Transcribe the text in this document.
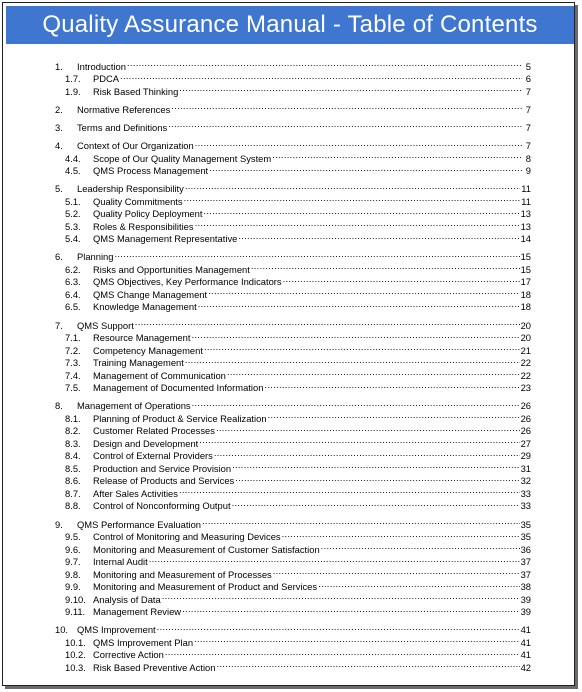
Quality Assurance Manual - Table of Contents
1.	Introduction .....	5
1.7.	PDCA .....	6
1.9.	Risk Based Thinking .....	7
2.	Normative References .....	7
3.	Terms and Definitions .....	7
4.	Context of Our Organization .....	7
4.4.	Scope of Our Quality Management System .....	8
4.5.	QMS Process Management .....	9
5.	Leadership Responsibility .....	11
5.1.	Quality Commitments .....	11
5.2.	Quality Policy Deployment .....	13
5.3.	Roles & Responsibilities .....	13
5.4.	QMS Management Representative .....	14
6.	Planning .....	15
6.2.	Risks and Opportunities Management .....	15
6.3.	QMS Objectives, Key Performance Indicators .....	17
6.4.	QMS Change Management .....	18
6.5.	Knowledge Management .....	18
7.	QMS Support .....	20
7.1.	Resource Management .....	20
7.2.	Competency Management .....	21
7.3.	Training Management .....	22
7.4.	Management of Communication .....	22
7.5.	Management of Documented Information .....	23
8.	Management of Operations .....	26
8.1.	Planning of Product & Service Realization .....	26
8.2.	Customer Related Processes .....	26
8.3.	Design and Development .....	27
8.4.	Control of External Providers .....	29
8.5.	Production and Service Provision .....	31
8.6.	Release of Products and Services .....	32
8.7.	After Sales Activities .....	33
8.8.	Control of Nonconforming Output .....	33
9.	QMS Performance Evaluation .....	35
9.5.	Control of Monitoring and Measuring Devices .....	35
9.6.	Monitoring and Measurement of Customer Satisfaction .....	36
9.7.	Internal Audit .....	37
9.8.	Monitoring and Measurement of Processes .....	37
9.9.	Monitoring and Measurement of Product and Services .....	38
9.10. Analysis of Data .....	39
9.11. Management Review .....	39
10. QMS Improvement .....	41
10.1. QMS Improvement Plan .....	41
10.2. Corrective Action .....	41
10.3. Risk Based Preventive Action .....	42
